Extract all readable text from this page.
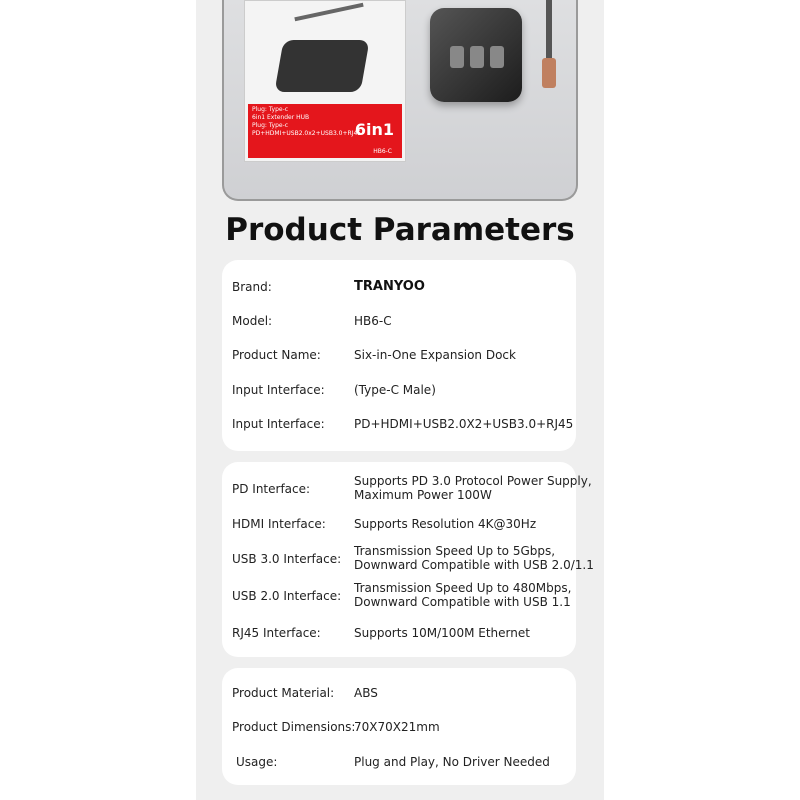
Plug: Type-c
6in1 Extender HUB
Plug: Type-c
PD+HDMI+USB2.0x2+USB3.0+RJ45
6in1
HB6-C
Product Parameters
Brand:	TRANYOO
Model:	HB6-C
Product Name:	Six-in-One Expansion Dock
Input Interface: (Type-C Male)
Input Interface: PD+HDMI+USB2.0X2+USB3.0+RJ45
PD Interface:
Supports PD 3.0 Protocol Power Supply,
Maximum Power 100W
HDMI Interface: Supports Resolution 4K@30Hz
USB 3.0 Interface:
Transmission Speed Up to 5Gbps,
Downward Compatible with USB 2.0/1.1
USB 2.0 Interface:
Transmission Speed Up to 480Mbps,
Downward Compatible with USB 1.1
RJ45 Interface:	Supports 10M/100M Ethernet
Product Material: ABS
Product Dimensions:
70X70X21mm
Usage:	Plug and Play, No Driver Needed
